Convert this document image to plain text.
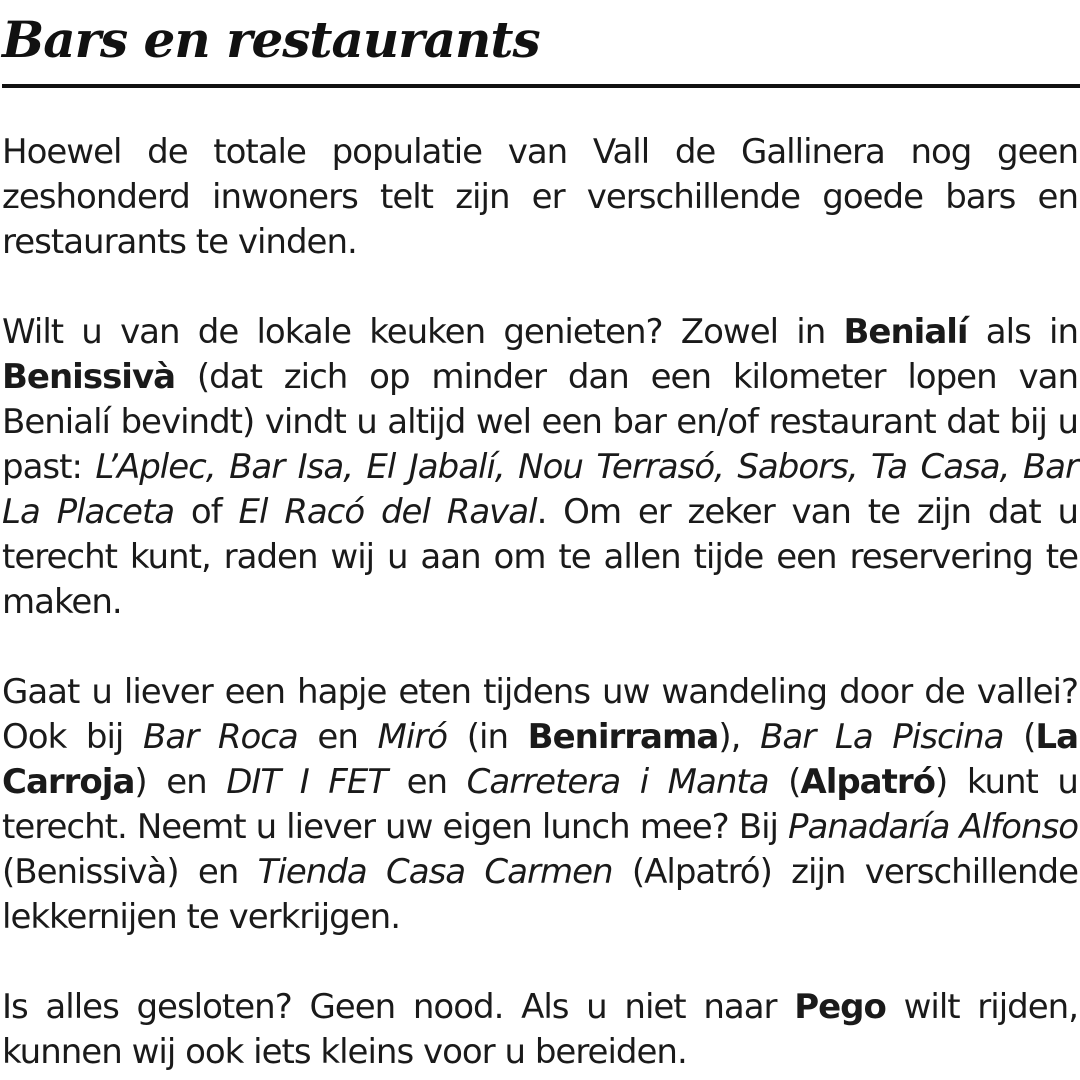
Bars en restaurants

Hoewel de totale populatie van Vall de Gallinera nog geen zeshonderd inwoners telt zijn er verschillende goede bars en restaurants te vinden.

Wilt u van de lokale keuken genieten? Zowel in Benialí als in Benissivà (dat zich op minder dan een kilometer lopen van Benialí bevindt) vindt u altijd wel een bar en/of restaurant dat bij u past: L’Aplec, Bar Isa, El Jabalí, Nou Terrasó, Sabors, Ta Casa, Bar La Placeta of El Racó del Raval. Om er zeker van te zijn dat u terecht kunt, raden wij u aan om te allen tijde een reservering te maken.

Gaat u liever een hapje eten tijdens uw wandeling door de vallei? Ook bij Bar Roca en Miró (in Benirrama), Bar La Piscina (La Carroja) en DIT I FET en Carretera i Manta (Alpatró) kunt u terecht. Neemt u liever uw eigen lunch mee? Bij Panadaría Alfonso (Benissivà) en Tienda Casa Carmen (Alpatró) zijn verschillende lekkernijen te verkrijgen.

Is alles gesloten? Geen nood. Als u niet naar Pego wilt rijden, kunnen wij ook iets kleins voor u bereiden.
